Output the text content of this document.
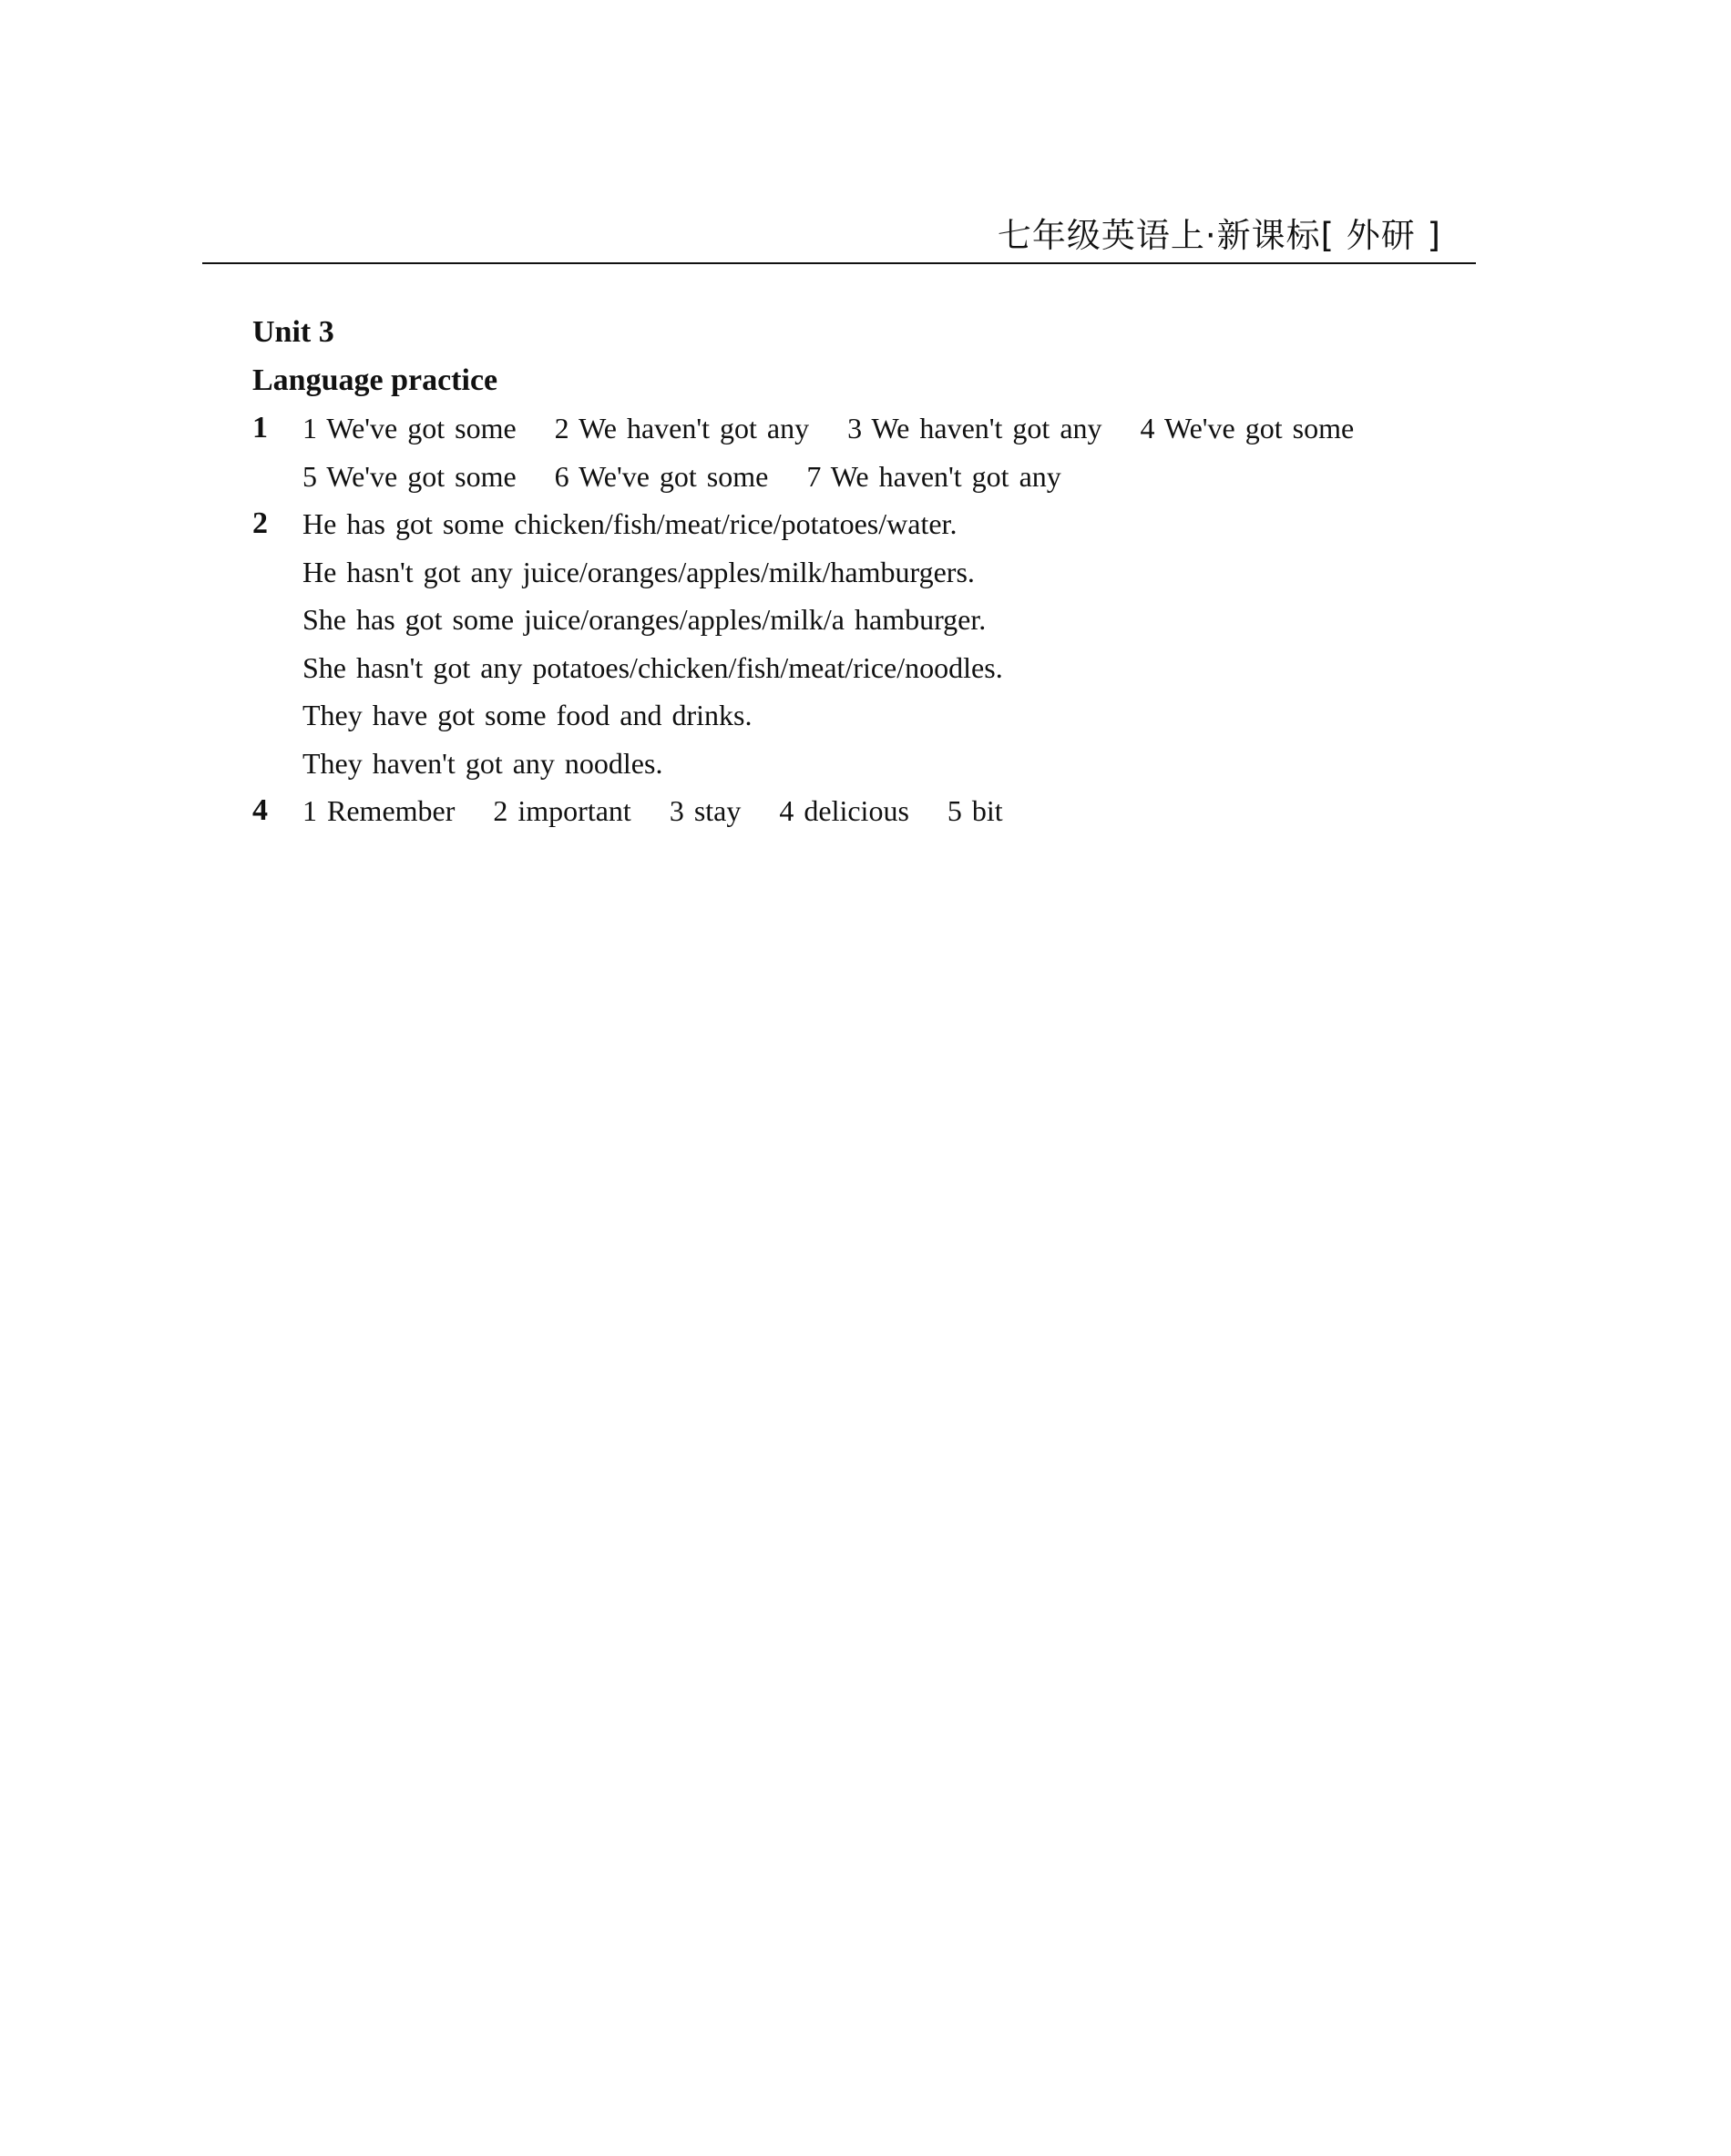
七年级英语上·新课标[ 外研 ]
Unit 3
Language practice
1 1 We've got some 2 We haven't got any 3 We haven't got any 4 We've got some
5 We've got some 6 We've got some 7 We haven't got any
2 He has got some chicken/fish/meat/rice/potatoes/water.
He hasn't got any juice/oranges/apples/milk/hamburgers.
She has got some juice/oranges/apples/milk/a hamburger.
She hasn't got any potatoes/chicken/fish/meat/rice/noodles.
They have got some food and drinks.
They haven't got any noodles.
4 1 Remember 2 important 3 stay 4 delicious 5 bit
